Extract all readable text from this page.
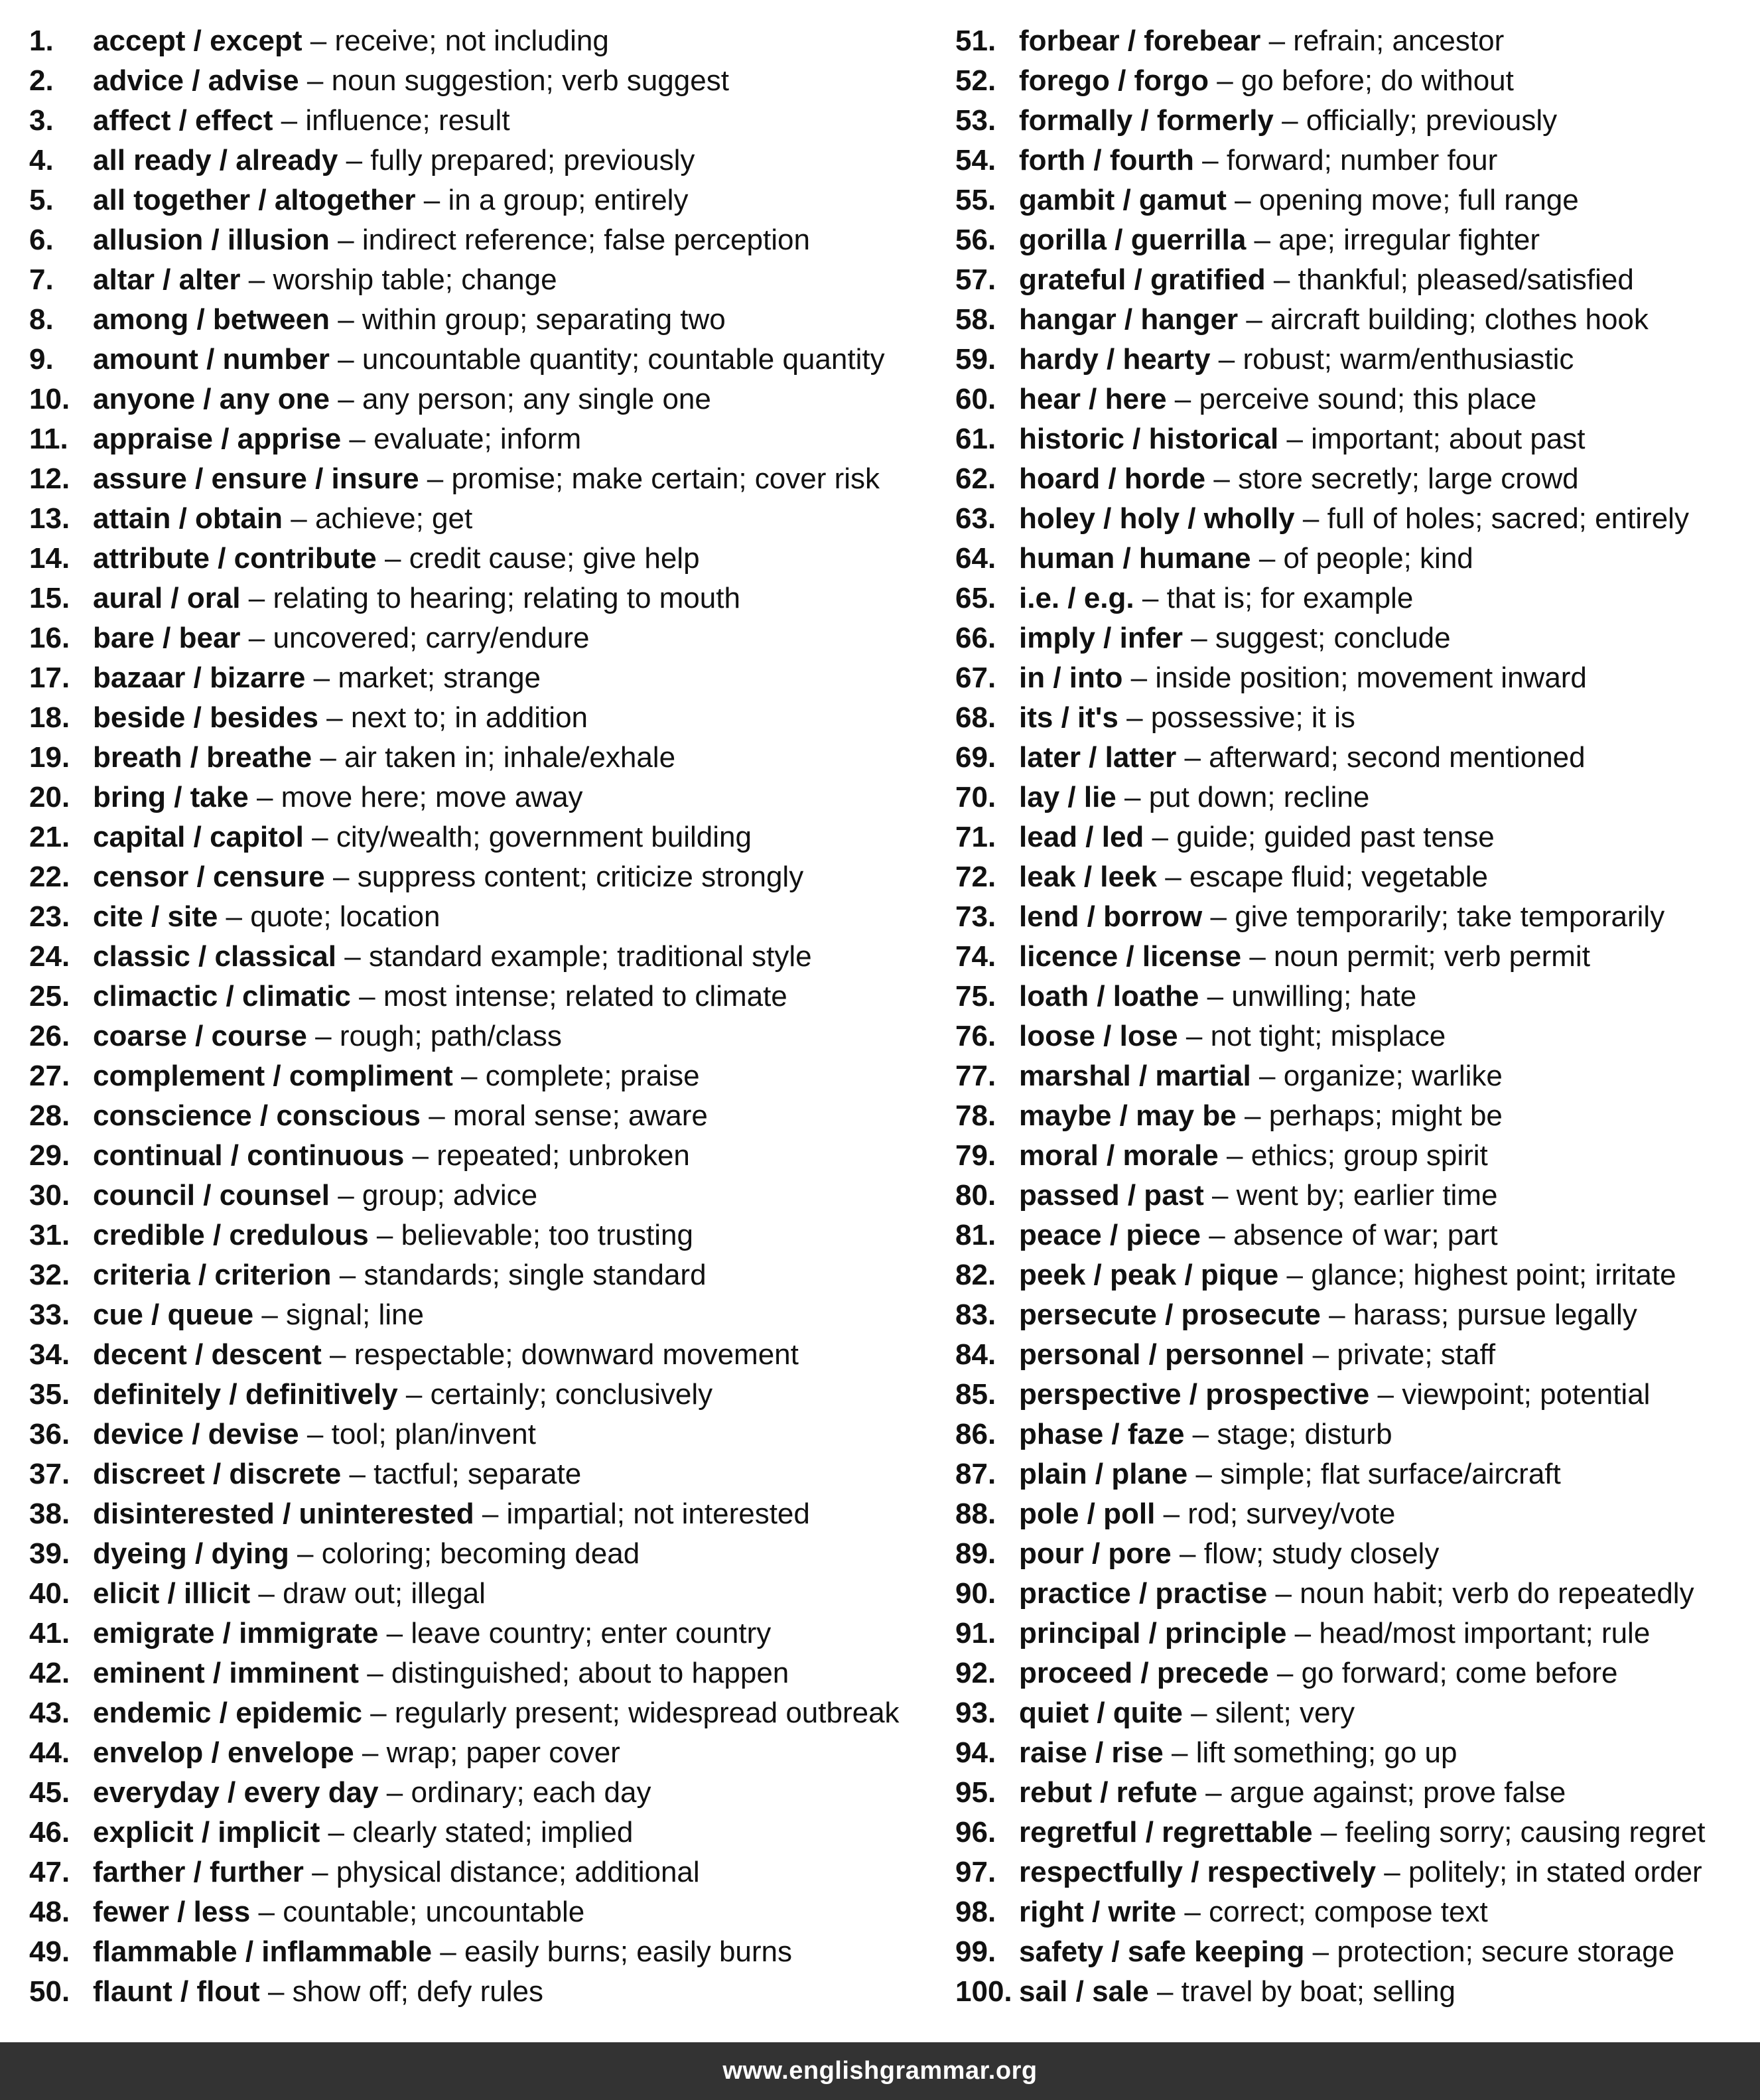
1.	accept / except
–
receive; not including
2.	advice / advise
–
noun suggestion; verb suggest
3.	affect / effect
–
influence; result
4.	all ready / already
–
fully prepared; previously
5.	all together / altogether
–
in a group; entirely
6.	allusion / illusion
–
indirect reference; false perception
7.	altar / alter
–
worship table; change
8.	among / between
–
within group; separating two
9.	amount / number
–
uncountable quantity; countable quantity
10. anyone / any one
–
any person; any single one
11. appraise / apprise
–
evaluate; inform
12. assure / ensure / insure
–
promise; make certain; cover risk
13. attain / obtain
–
achieve; get
14. attribute / contribute
–
credit cause; give help
15. aural / oral
–
relating to hearing; relating to mouth
16. bare / bear
–
uncovered; carry/endure
17. bazaar / bizarre
–
market; strange
18. beside / besides
–
next to; in addition
19. breath / breathe
–
air taken in; inhale/exhale
20. bring / take
–
move here; move away
21. capital / capitol
–
city/wealth; government building
22. censor / censure
–
suppress content; criticize strongly
23. cite / site
–
quote; location
24. classic / classical
–
standard example; traditional style
25. climactic / climatic
–
most intense; related to climate
26. coarse / course
–
rough; path/class
27. complement / compliment
–
complete; praise
28. conscience / conscious
–
moral sense; aware
29. continual / continuous
–
repeated; unbroken
30. council / counsel
–
group; advice
31. credible / credulous
–
believable; too trusting
32. criteria / criterion
–
standards; single standard
33. cue / queue
–
signal; line
34. decent / descent
–
respectable; downward movement
35. definitely / definitively
–
certainly; conclusively
36. device / devise
–
tool; plan/invent
37. discreet / discrete
–
tactful; separate
38. disinterested / uninterested
–
impartial; not interested
39. dyeing / dying
–
coloring; becoming dead
40. elicit / illicit
–
draw out; illegal
41. emigrate / immigrate
–
leave country; enter country
42. eminent / imminent
–
distinguished; about to happen
43. endemic / epidemic
–
regularly present; widespread outbreak
44. envelop / envelope
–
wrap; paper cover
45. everyday / every day
–
ordinary; each day
46. explicit / implicit
–
clearly stated; implied
47. farther / further
–
physical distance; additional
48. fewer / less
–
countable; uncountable
49. flammable / inflammable
–
easily burns; easily burns
50. flaunt / flout
–
show off; defy rules
51. forbear / forebear
–
refrain; ancestor
52. forego / forgo
–
go before; do without
53. formally / formerly
–
officially; previously
54. forth / fourth
–
forward; number four
55. gambit / gamut
–
opening move; full range
56. gorilla / guerrilla
–
ape; irregular fighter
57. grateful / gratified
–
thankful; pleased/satisfied
58. hangar / hanger
–
aircraft building; clothes hook
59. hardy / hearty
–
robust; warm/enthusiastic
60. hear / here
–
perceive sound; this place
61. historic / historical
–
important; about past
62. hoard / horde
–
store secretly; large crowd
63. holey / holy / wholly
–
full of holes; sacred; entirely
64. human / humane
–
of people; kind
65. i.e. / e.g.
–
that is; for example
66. imply / infer
–
suggest; conclude
67. in / into
–
inside position; movement inward
68. its / it's
–
possessive; it is
69. later / latter
–
afterward; second mentioned
70. lay / lie
–
put down; recline
71. lead / led
–
guide; guided past tense
72. leak / leek
–
escape fluid; vegetable
73. lend / borrow
–
give temporarily; take temporarily
74. licence / license
–
noun permit; verb permit
75. loath / loathe
–
unwilling; hate
76. loose / lose
–
not tight; misplace
77. marshal / martial
–
organize; warlike
78. maybe / may be
–
perhaps; might be
79. moral / morale
–
ethics; group spirit
80. passed / past
–
went by; earlier time
81. peace / piece
–
absence of war; part
82. peek / peak / pique
–
glance; highest point; irritate
83. persecute / prosecute
–
harass; pursue legally
84. personal / personnel
–
private; staff
85. perspective / prospective
–
viewpoint; potential
86. phase / faze
–
stage; disturb
87. plain / plane
–
simple; flat surface/aircraft
88. pole / poll
–
rod; survey/vote
89. pour / pore
–
flow; study closely
90. practice / practise
–
noun habit; verb do repeatedly
91. principal / principle
–
head/most important; rule
92. proceed / precede
–
go forward; come before
93. quiet / quite
–
silent; very
94. raise / rise
–
lift something; go up
95. rebut / refute
–
argue against; prove false
96. regretful / regrettable
–
feeling sorry; causing regret
97. respectfully / respectively
–
politely; in stated order
98. right / write
–
correct; compose text
99. safety / safe keeping
–
protection; secure storage
100. sail / sale
–
travel by boat; selling
www.englishgrammar.org
